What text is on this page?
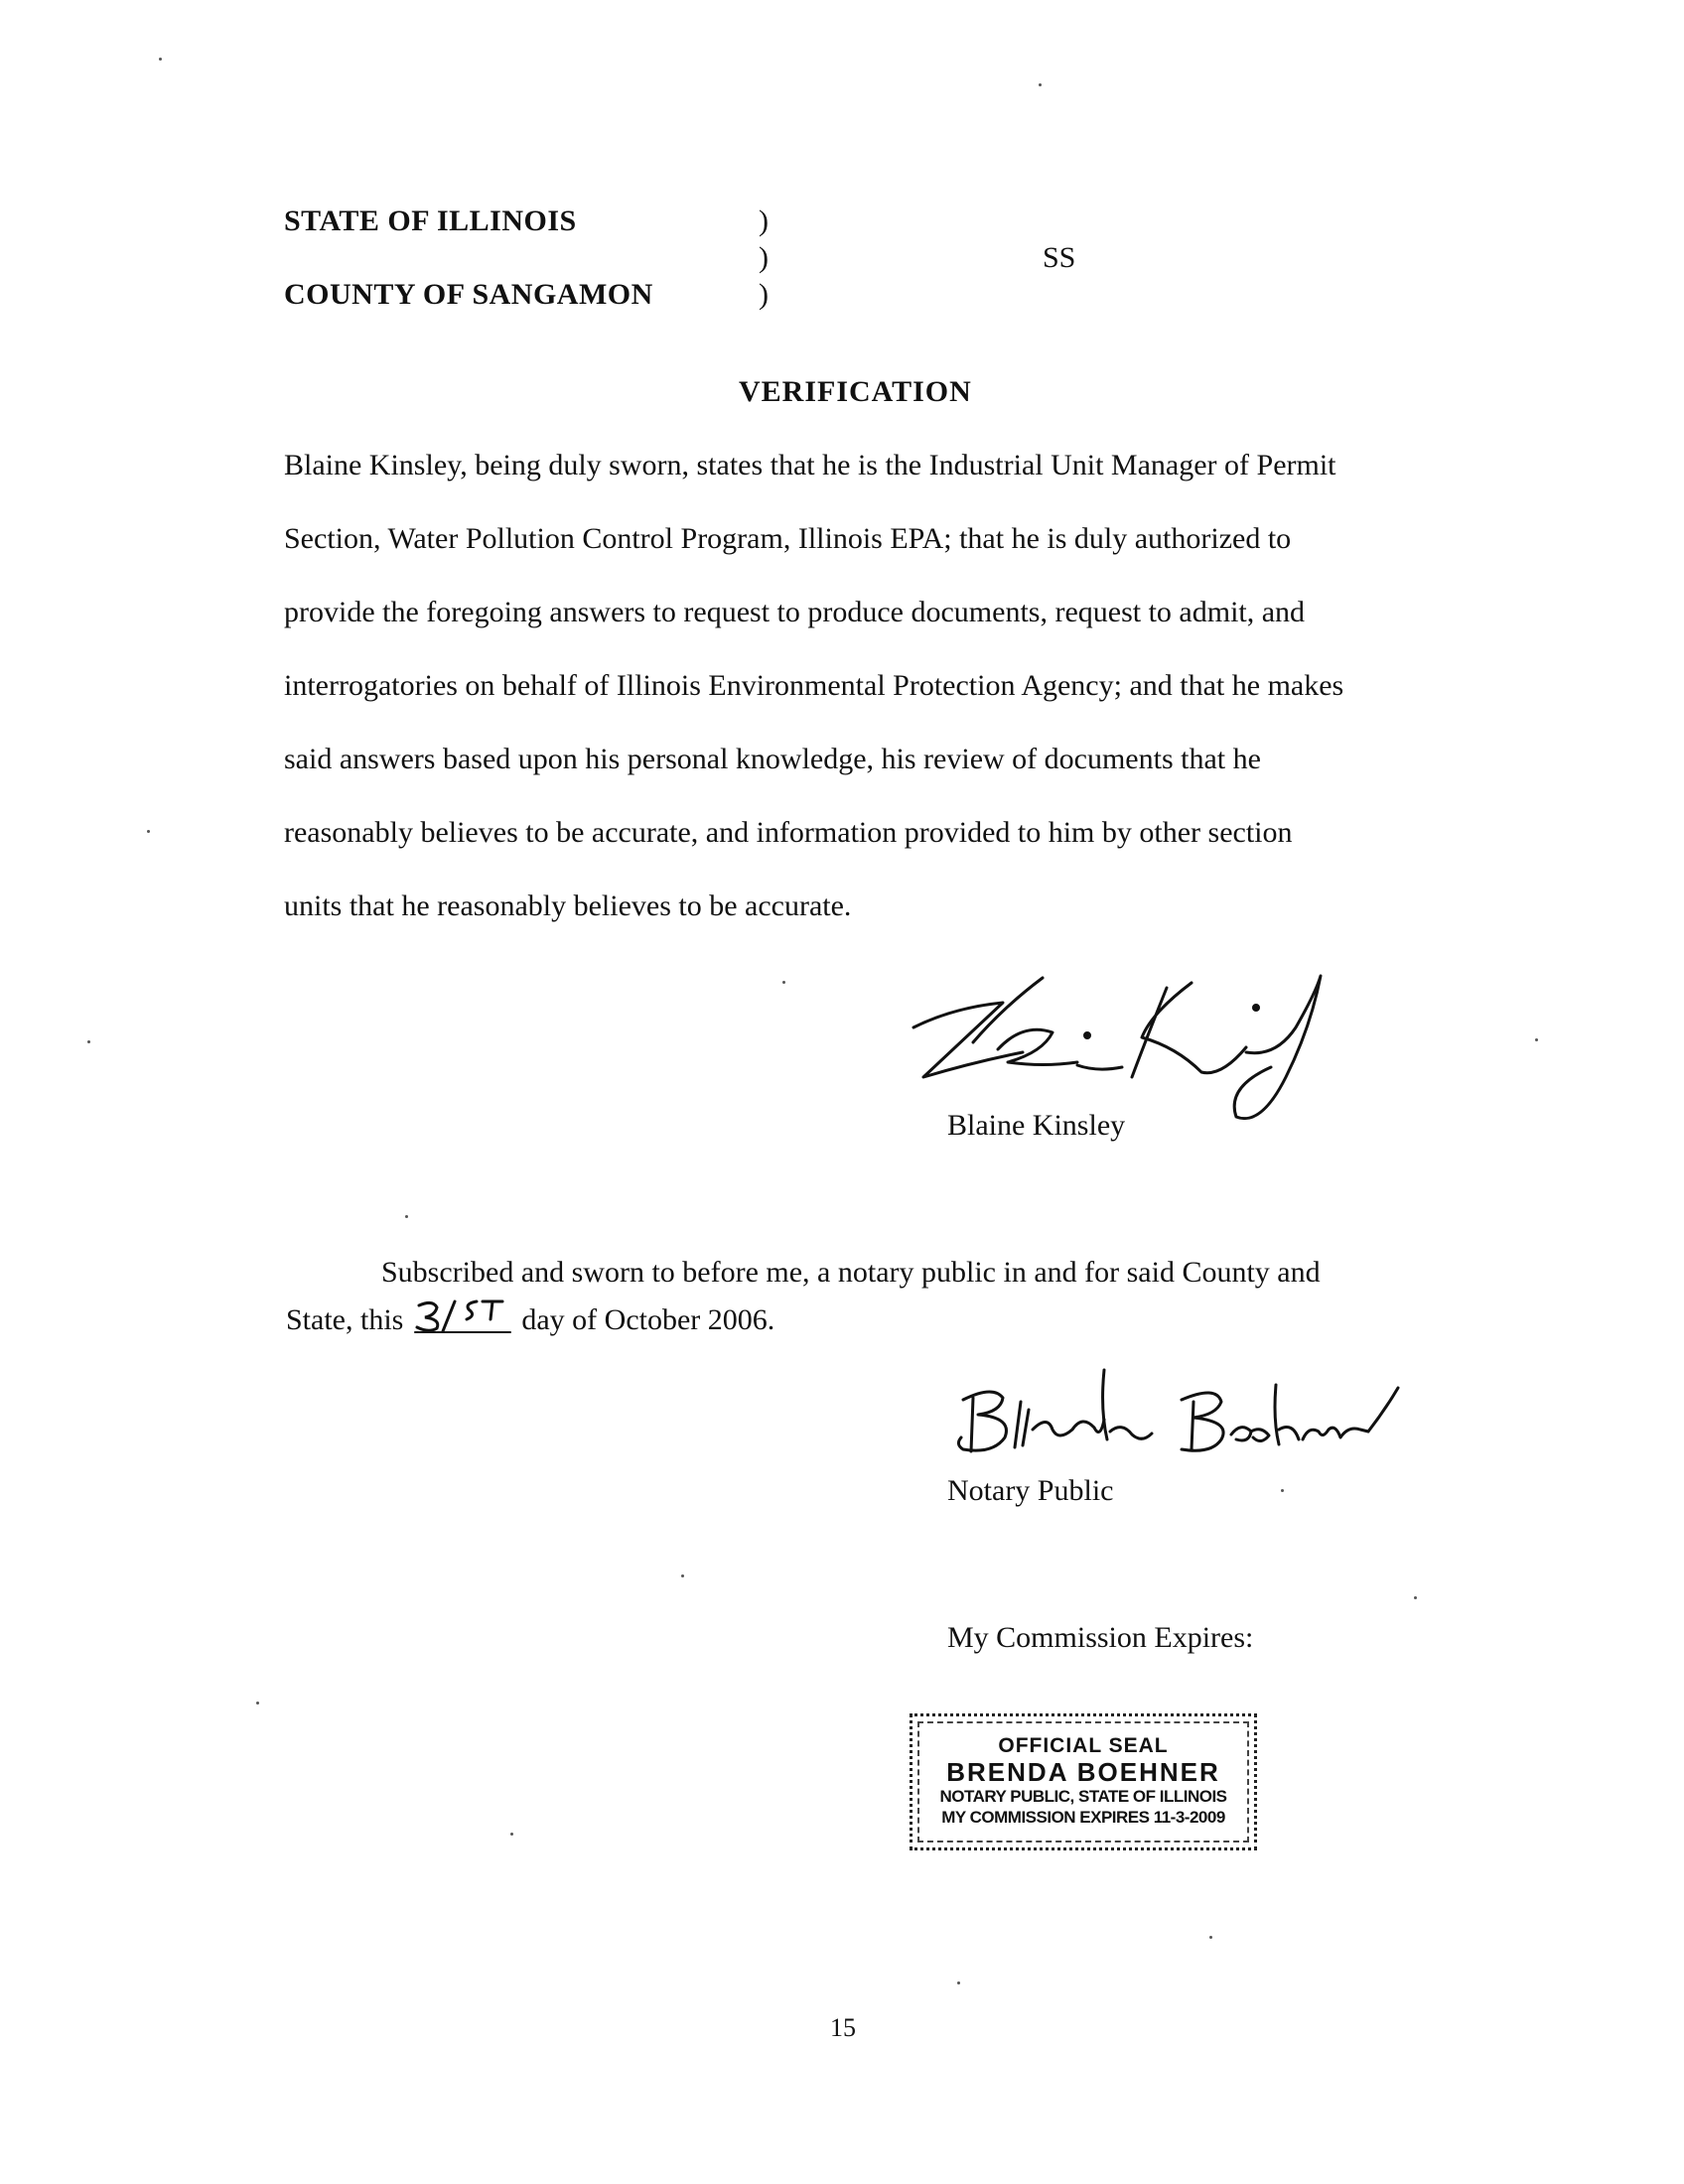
STATE OF ILLINOIS
COUNTY OF SANGAMON
)
)
)
SS
VERIFICATION
Blaine Kinsley, being duly sworn, states that he is the Industrial Unit Manager of Permit
Section, Water Pollution Control Program, Illinois EPA; that he is duly authorized to
provide the foregoing answers to request to produce documents, request to admit, and
interrogatories on behalf of Illinois Environmental Protection Agency; and that he makes
said answers based upon his personal knowledge, his review of documents that he
reasonably believes to be accurate, and information provided to him by other section
units that he reasonably believes to be accurate.
Blaine Kinsley
Subscribed and sworn to before me, a notary public in and for said County and
State, this	day of October 2006.
Notary Public
My Commission Expires:
OFFICIAL SEAL
BRENDA BOEHNER
NOTARY PUBLIC, STATE OF ILLINOIS
MY COMMISSION EXPIRES 11-3-2009
15
